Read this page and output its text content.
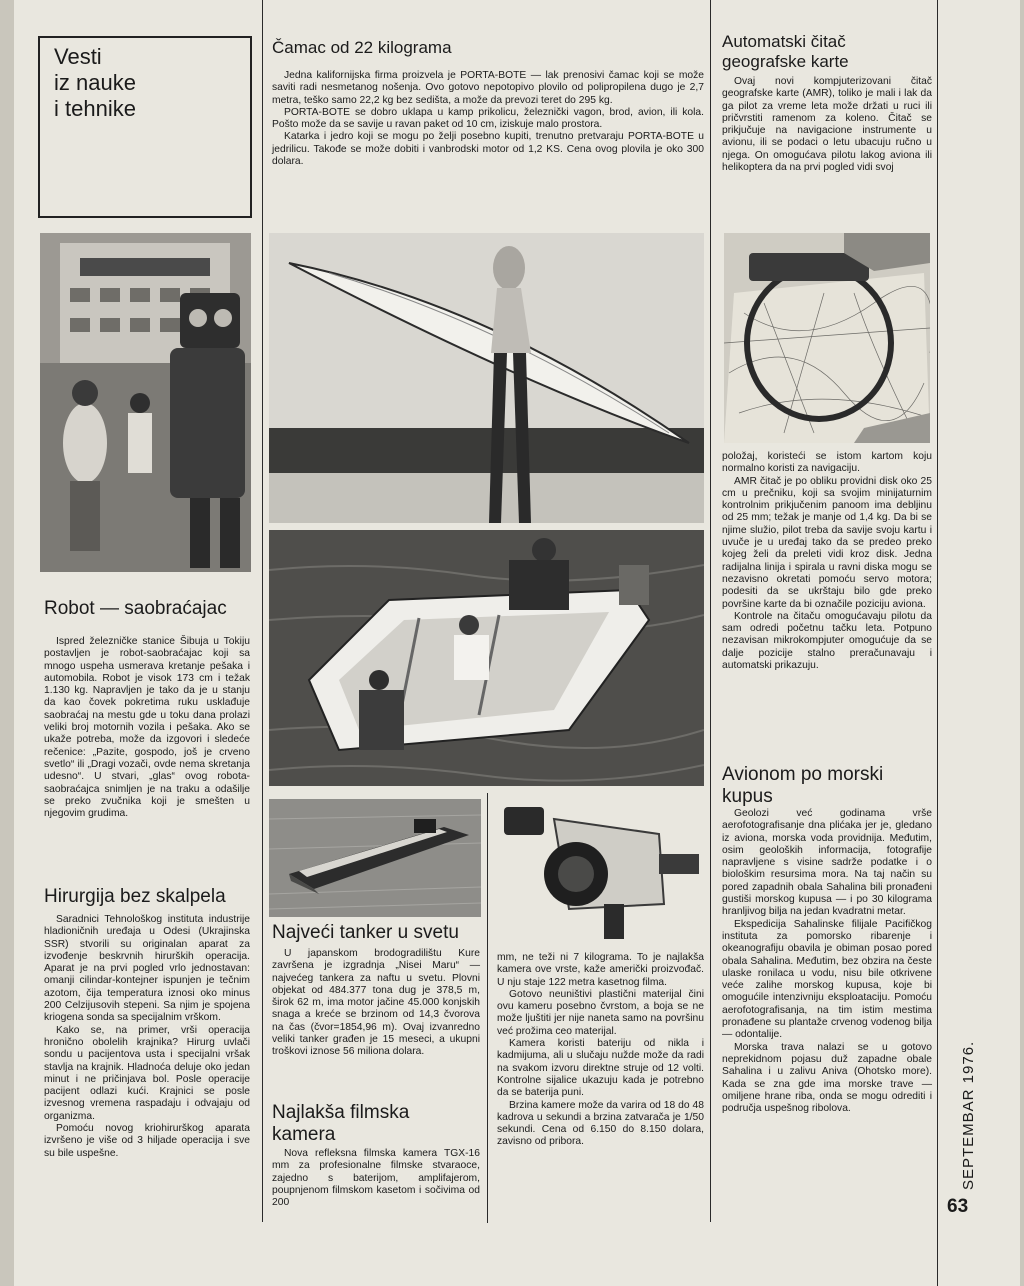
Vesti
iz nauke
i tehnike
Čamac od 22 kilograma

Jedna kalifornijska firma proizvela je PORTA-BOTE — lak prenosivi čamac koji se može saviti radi nesmetanog nošenja. Ovo gotovo nepotopivo plovilo od polipropilena dugo je 2,7 metra, teško samo 22,2 kg bez sedišta, a može da prevozi teret do 295 kg.

PORTA-BOTE se dobro uklapa u kamp prikolicu, železnički vagon, brod, avion, ili kola. Pošto može da se savije u ravan paket od 10 cm, iziskuje malo prostora.

Katarka i jedro koji se mogu po želji posebno kupiti, trenutno pretvaraju PORTA-BOTE u jedrilicu. Takođe se može dobiti i vanbrodski motor od 1,2 KS. Cena ovog plovila je oko 300 dolara.

Automatski čitač geografske karte

Ovaj novi kompjuterizovani čitač geografske karte (AMR), toliko je mali i lak da ga pilot za vreme leta može držati u ruci ili pričvrstiti ramenom za koleno. Čitač se prikjučuje na navigacione instrumente u avionu, ili se podaci o letu ubacuju ručno u njega. On omogućava pilotu lakog aviona ili helikoptera da na prvi pogled vidi svoj

položaj, koristeći se istom kartom koju normalno koristi za navigaciju.

AMR čitač je po obliku providni disk oko 25 cm u prečniku, koji sa svojim minijaturnim kontrolnim prikjučenim panoom ima debljinu od 25 mm; težak je manje od 1,4 kg. Da bi se njime služio, pilot treba da savije svoju kartu i uvuče je u uređaj tako da se predeo preko kojeg želi da preleti vidi kroz disk. Jedna radijalna linija i spirala u ravni diska mogu se nezavisno okretati pomoću servo motora; podesiti da se ukrštaju bilo gde preko površine karte da bi označile poziciju aviona.

Kontrole na čitaču omogućavaju pilotu da sam odredi početnu tačku leta. Potpuno nezavisan mikrokompjuter omogućuje da se dalje pozicije stalno preračunavaju i automatski prikazuju.

Avionom po morski kupus

Geolozi već godinama vrše aerofotografisanje dna plićaka jer je, gledano iz aviona, morska voda providnija. Međutim, osim geoloških informacija, fotografije napravljene s visine sadrže podatke i o biološkim resursima mora. Na taj način su pored zapadnih obala Sahalina bili pronađeni gustiši morskog kupusa — i po 30 kilograma hranljivog bilja na jedan kvadratni metar.

Ekspedicija Sahalinske filijale Pacifičkog instituta za pomorsko ribarenje i okeanografiju obavila je obiman posao pored obala Sahalina. Međutim, bez obzira na česte ulaske ronilaca u vodu, nisu bile otkrivene veće zalihe morskog kupusa, koje bi omogućile intenzivniju eksploataciju. Pomoću aerofotografisanja, na tim istim mestima pronađene su plantaže crvenog vodenog bilja — odontalije.

Morska trava nalazi se u gotovo neprekidnom pojasu duž zapadne obale Sahalina i u zalivu Aniva (Ohotsko more). Kada se zna gde ima morske trave — omiljene hrane riba, onda se mogu odrediti i područja uspešnog ribolova.

Robot — saobraćajac

Ispred železničke stanice Šibuja u Tokiju postavljen je robot-saobraćajac koji sa mnogo uspeha usmerava kretanje pešaka i automobila. Robot je visok 173 cm i težak 1.130 kg. Napravljen je tako da je u stanju da kao čovek pokretima ruku usklađuje saobraćaj na mestu gde u toku dana prolazi veliki broj motornih vozila i pešaka. Ako se ukaže potreba, može da izgovori i sledeće rečenice: „Pazite, gospodo, još je crveno svetlo“ ili „Dragi vozači, ovde nema skretanja udesno“. U stvari, „glas“ ovog robota-saobraćajca snimljen je na traku a odašilje se preko zvučnika koji je smešten u njegovim grudima.

Hirurgija bez skalpela

Saradnici Tehnološkog instituta industrije hladioničnih uređaja u Odesi (Ukrajinska SSR) stvorili su originalan aparat za izvođenje beskrvnih hirurških operacija. Aparat je na prvi pogled vrlo jednostavan: omanji cilindar-kontejner ispunjen je tečnim azotom, čija temperatura iznosi oko minus 200 Celzijusovih stepeni. Sa njim je spojena kriogena sonda sa specijalnim vrškom.

Kako se, na primer, vrši operacija hronično obolelih krajnika? Hirurg uvlači sondu u pacijentova usta i specijalni vršak stavlja na krajnik. Hladnoća deluje oko jedan minut i ne pričinjava bol. Posle operacije pacijent odlazi kući. Krajnici se posle izvesnog vremena raspadaju i odvajaju od organizma.

Pomoću novog kriohirurškog aparata izvršeno je više od 3 hiljade operacija i sve su bile uspešne.

Najveći tanker u svetu

U japanskom brodogradilištu Kure završena je izgradnja „Nisei Maru“ — najvećeg tankera za naftu u svetu. Plovni objekat od 484.377 tona dug je 378,5 m, širok 62 m, ima motor jačine 45.000 konjskih snaga a kreće se brzinom od 14,3 čvorova na čas (čvor=1854,96 m). Ovaj izvanredno veliki tanker građen je 15 meseci, a ukupni troškovi iznose 56 miliona dolara.

Najlakša filmska kamera

Nova refleksna filmska kamera TGX-16 mm za profesionalne filmske stvaraoce, zajedno s baterijom, amplifajerom, poupnjenom filmskom kasetom i sočivima od 200

mm, ne teži ni 7 kilograma. To je najlakša kamera ove vrste, kaže američki proizvođač. U nju staje 122 metra kasetnog filma.

Gotovo neuništivi plastični materijal čini ovu kameru posebno čvrstom, a boja se ne može ljuštiti jer nije naneta samo na površinu već prožima ceo materijal.

Kamera koristi bateriju od nikla i kadmijuma, ali u slučaju nužde može da radi na svakom izvoru direktne struje od 12 volti. Kontrolne sijalice ukazuju kada je potrebno da se baterija puni.

Brzina kamere može da varira od 18 do 48 kadrova u sekundi a brzina zatvarača je 1/50 sekundi. Cena od 6.150 do 8.150 dolara, zavisno od pribora.	SEPTEMBAR 1976.
63
